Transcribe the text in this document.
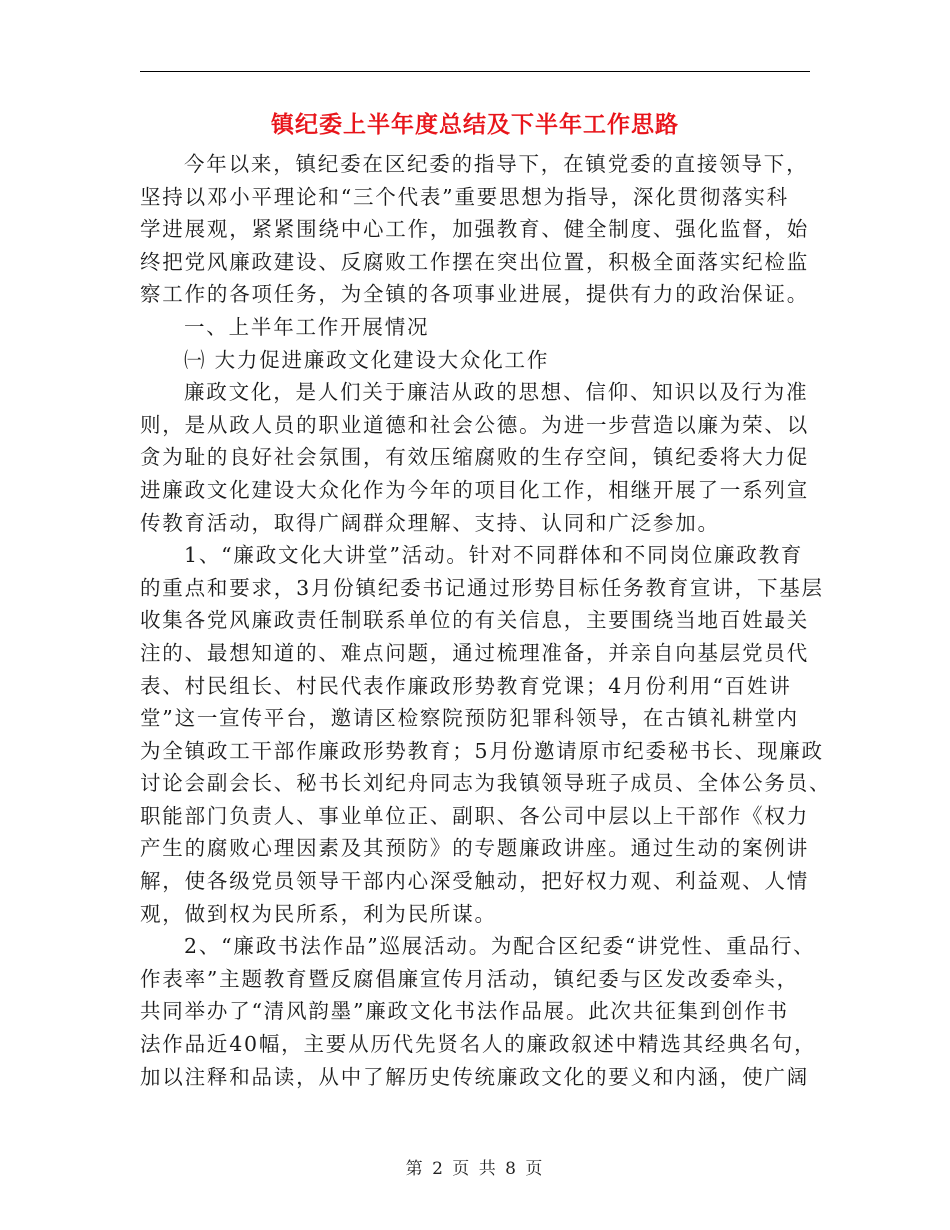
镇纪委上半年度总结及下半年工作思路
今年以来，镇纪委在区纪委的指导下，在镇党委的直接领导下，
坚持以邓小平理论和“三个代表”重要思想为指导，深化贯彻落实科
学进展观，紧紧围绕中心工作，加强教育、健全制度、强化监督，始
终把党风廉政建设、反腐败工作摆在突出位置，积极全面落实纪检监
察工作的各项任务，为全镇的各项事业进展，提供有力的政治保证。
一、上半年工作开展情况
㈠ 大力促进廉政文化建设大众化工作
廉政文化，是人们关于廉洁从政的思想、信仰、知识以及行为准
则，是从政人员的职业道德和社会公德。为进一步营造以廉为荣、以
贪为耻的良好社会氛围，有效压缩腐败的生存空间，镇纪委将大力促
进廉政文化建设大众化作为今年的项目化工作，相继开展了一系列宣
传教育活动，取得广阔群众理解、支持、认同和广泛参加。
1、“廉政文化大讲堂”活动。针对不同群体和不同岗位廉政教育
的重点和要求，3月份镇纪委书记通过形势目标任务教育宣讲，下基层
收集各党风廉政责任制联系单位的有关信息，主要围绕当地百姓最关
注的、最想知道的、难点问题，通过梳理准备，并亲自向基层党员代
表、村民组长、村民代表作廉政形势教育党课；4月份利用“百姓讲
堂”这一宣传平台，邀请区检察院预防犯罪科领导，在古镇礼耕堂内
为全镇政工干部作廉政形势教育；5月份邀请原市纪委秘书长、现廉政
讨论会副会长、秘书长刘纪舟同志为我镇领导班子成员、全体公务员、
职能部门负责人、事业单位正、副职、各公司中层以上干部作《权力
产生的腐败心理因素及其预防》的专题廉政讲座。通过生动的案例讲
解，使各级党员领导干部内心深受触动，把好权力观、利益观、人情
观，做到权为民所系，利为民所谋。
2、“廉政书法作品”巡展活动。为配合区纪委“讲党性、重品行、
作表率”主题教育暨反腐倡廉宣传月活动，镇纪委与区发改委牵头，
共同举办了“清风韵墨”廉政文化书法作品展。此次共征集到创作书
法作品近40幅，主要从历代先贤名人的廉政叙述中精选其经典名句，
加以注释和品读，从中了解历史传统廉政文化的要义和内涵，使广阔
第 2 页 共 8 页
